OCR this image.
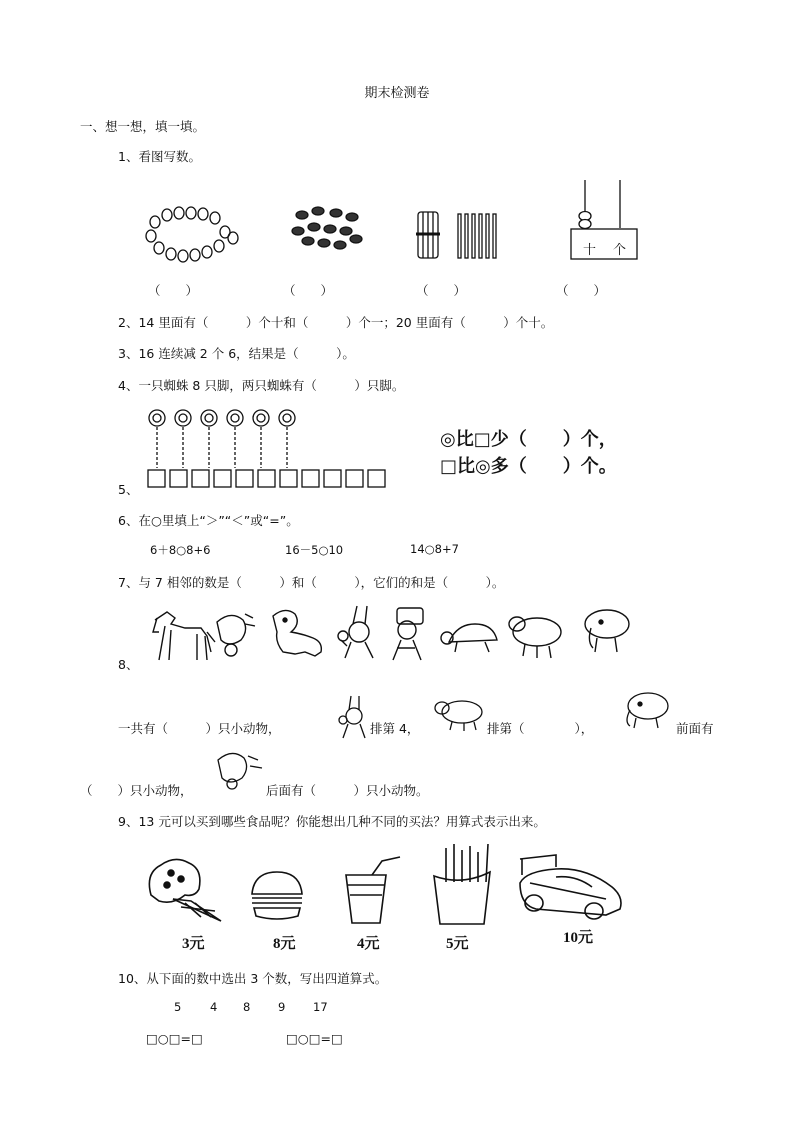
期末检测卷
一、想一想，填一填。
1、看图写数。
十 个
（　　）	（　　）	（　　）	（　　）
2、14 里面有（　　　）个十和（　　　）个一；20 里面有（　　　）个十。
3、16 连续减 2 个 6，结果是（　　　）。
4、一只蜘蛛 8 只脚，两只蜘蛛有（　　　）只脚。
5、
◎比□少（　　）个，
□比◎多（　　）个。
6、在○里填上“＞”“＜”或“=”。
6＋8○8+6	16－5○10	14○8+7
7、与 7 相邻的数是（　　　）和（　　　），它们的和是（　　　）。
8、
一共有（　　　）只小动物，	排第 4，	排第（　　　　），	前面有
（　　）只小动物，	后面有（　　　）只小动物。
9、13 元可以买到哪些食品呢？你能想出几种不同的买法？用算式表示出来。
3元	8元	4元	5元	10元
10、从下面的数中选出 3 个数，写出四道算式。
5 4 8 9 17
□○□=□	□○□=□
